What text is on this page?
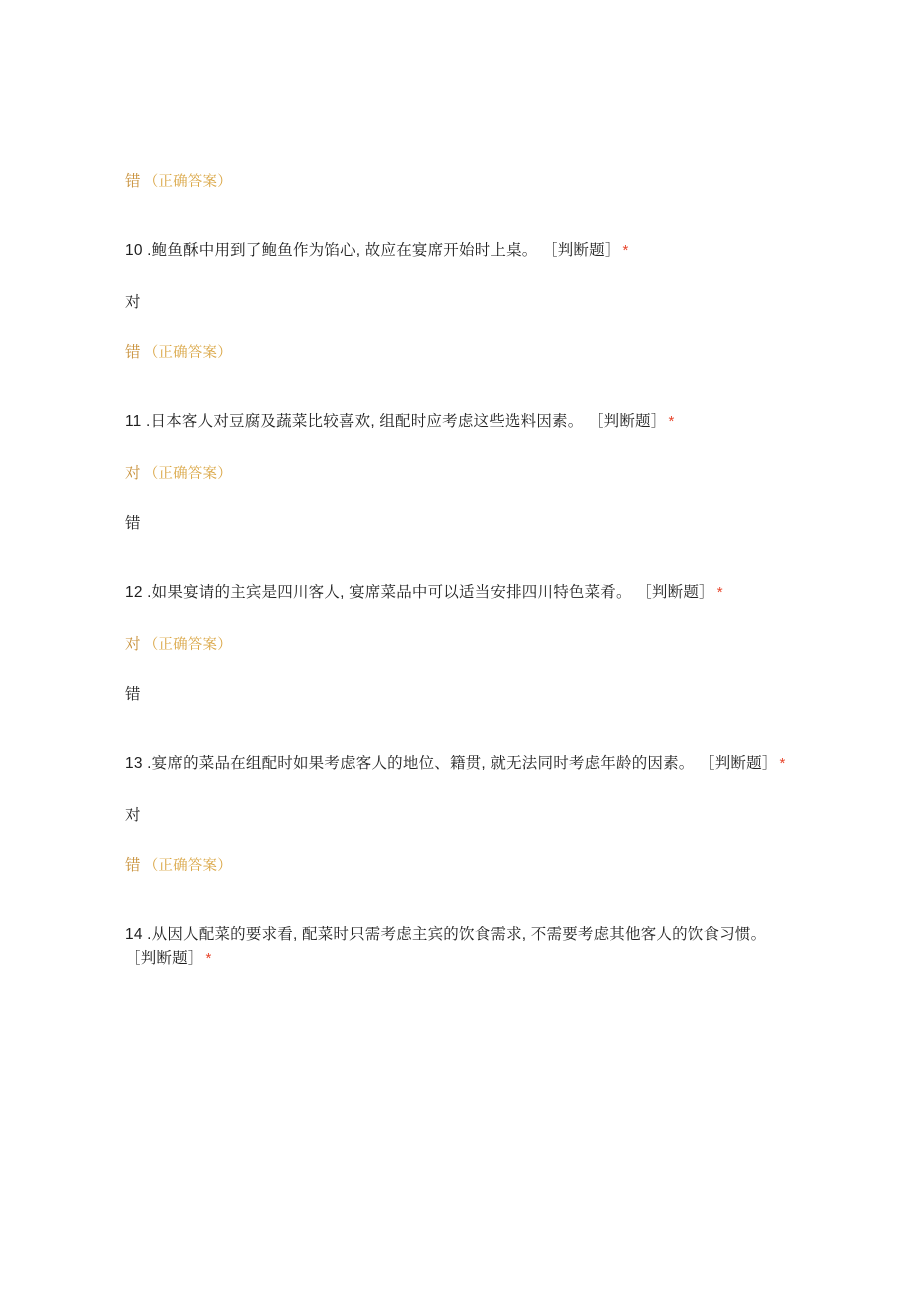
错 （正确答案）

10 .鲍鱼酥中用到了鲍鱼作为馅心, 故应在宴席开始时上桌。 ［判断题］ *

对
错 （正确答案）

11 .日本客人对豆腐及蔬菜比较喜欢, 组配时应考虑这些选料因素。 ［判断题］ *

对 （正确答案）
错

12 .如果宴请的主宾是四川客人, 宴席菜品中可以适当安排四川特色菜肴。 ［判断题］ *

对 （正确答案）
错

13 .宴席的菜品在组配时如果考虑客人的地位、籍贯, 就无法同时考虑年龄的因素。 ［判断题］ *

对
错 （正确答案）

14 .从因人配菜的要求看, 配菜时只需考虑主宾的饮食需求, 不需要考虑其他客人的饮食习惯。 ［判断题］ *
